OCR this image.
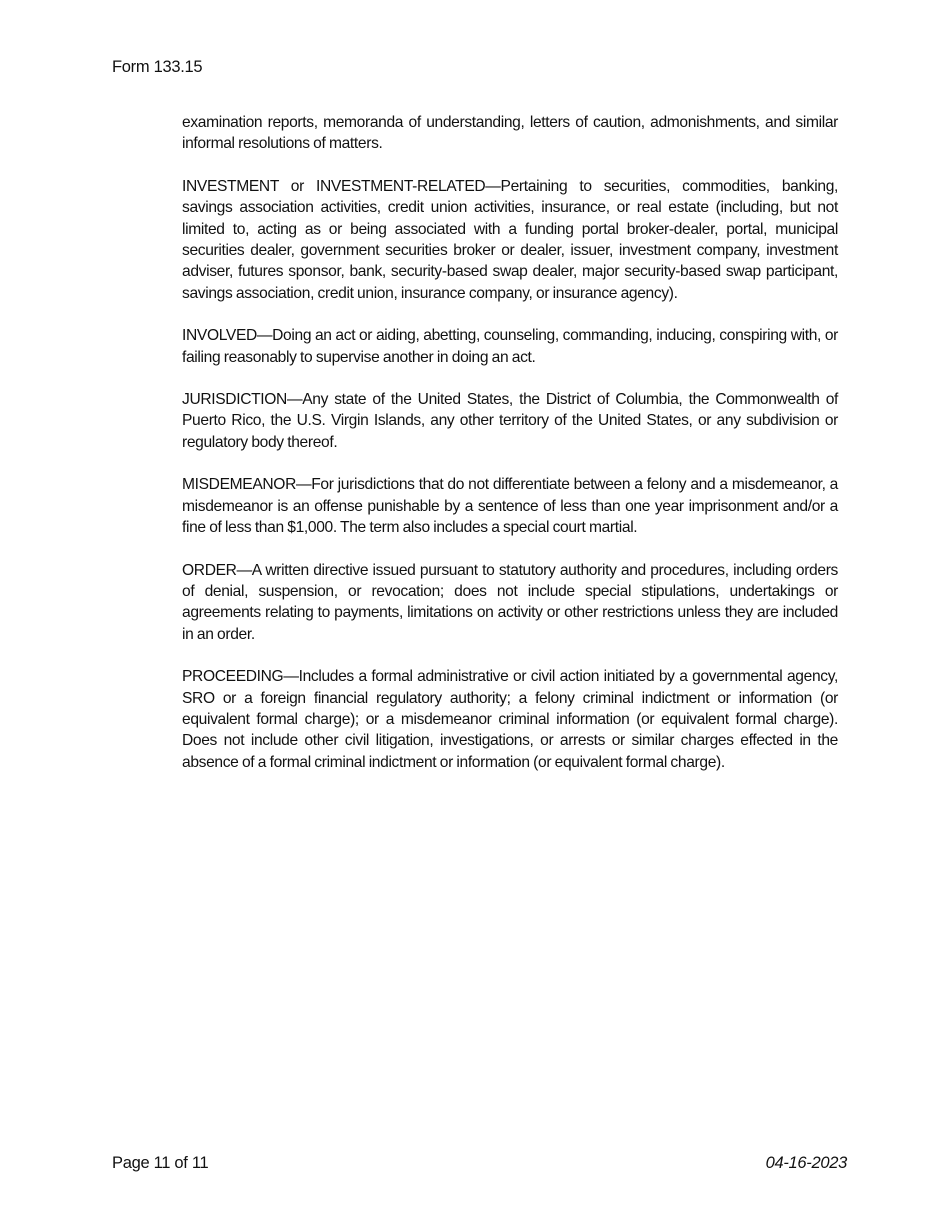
Form 133.15

examination reports, memoranda of understanding, letters of caution, admonishments, and similar informal resolutions of matters.

INVESTMENT or INVESTMENT-RELATED—Pertaining to securities, commodities, banking, savings association activities, credit union activities, insurance, or real estate (including, but not limited to, acting as or being associated with a funding portal broker-dealer, portal, municipal securities dealer, government securities broker or dealer, issuer, investment company, investment adviser, futures sponsor, bank, security-based swap dealer, major security-based swap participant, savings association, credit union, insurance company, or insurance agency).

INVOLVED—Doing an act or aiding, abetting, counseling, commanding, inducing, conspiring with, or failing reasonably to supervise another in doing an act.

JURISDICTION—Any state of the United States, the District of Columbia, the Commonwealth of Puerto Rico, the U.S. Virgin Islands, any other territory of the United States, or any subdivision or regulatory body thereof.

MISDEMEANOR—For jurisdictions that do not differentiate between a felony and a misdemeanor, a misdemeanor is an offense punishable by a sentence of less than one year imprisonment and/or a fine of less than $1,000. The term also includes a special court martial.

ORDER—A written directive issued pursuant to statutory authority and procedures, including orders of denial, suspension, or revocation; does not include special stipulations, undertakings or agreements relating to payments, limitations on activity or other restrictions unless they are included in an order.

PROCEEDING—Includes a formal administrative or civil action initiated by a governmental agency, SRO or a foreign financial regulatory authority; a felony criminal indictment or information (or equivalent formal charge); or a misdemeanor criminal information (or equivalent formal charge). Does not include other civil litigation, investigations, or arrests or similar charges effected in the absence of a formal criminal indictment or information (or equivalent formal charge).

Page 11 of 11	04-16-2023
